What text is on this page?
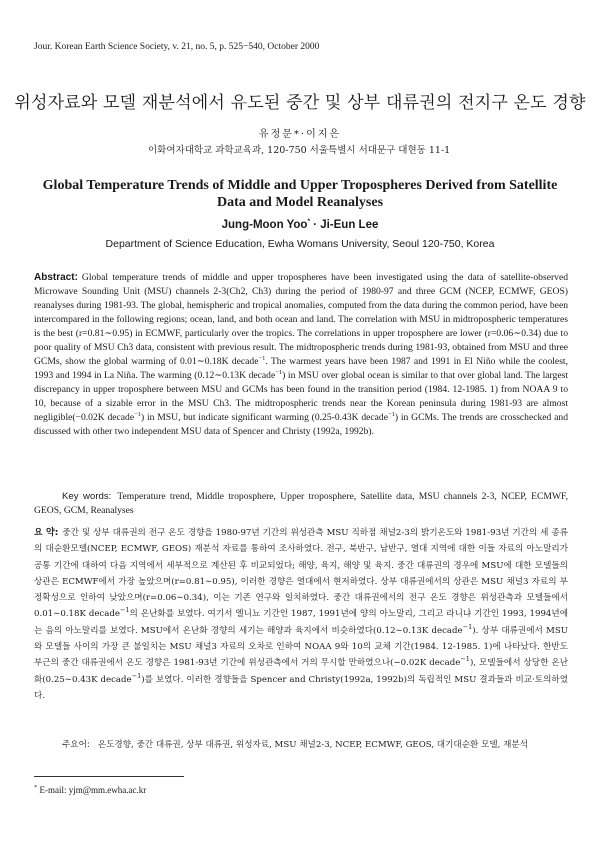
Jour. Korean Earth Science Society, v. 21, no. 5, p. 525−540, October 2000
위성자료와 모델 재분석에서 유도된 중간 및 상부 대류권의 전지구 온도 경향
유정문*·이지은
이화여자대학교 과학교육과, 120-750 서울특별시 서대문구 대현동 11-1
Global Temperature Trends of Middle and Upper Tropospheres Derived from Satellite Data and Model Reanalyses
Jung-Moon Yoo* · Ji-Eun Lee
Department of Science Education, Ewha Womans University, Seoul 120-750, Korea
Abstract: Global temperature trends of middle and upper tropospheres have been investigated using the data of satellite-observed Microwave Sounding Unit (MSU) channels 2-3(Ch2, Ch3) during the period of 1980-97 and three GCM (NCEP, ECMWF, GEOS) reanalyses during 1981-93. The global, hemispheric and tropical anomalies, computed from the data during the common period, have been intercompared in the following regions; ocean, land, and both ocean and land. The correlation with MSU in midtropospheric temperatures is the best (r=0.81∼0.95) in ECMWF, particularly over the tropics. The correlations in upper troposphere are lower (r=0.06∼0.34) due to poor quality of MSU Ch3 data, consistent with previous result. The midtropospheric trends during 1981-93, obtained from MSU and three GCMs, show the global warming of 0.01∼0.18K decade$^{-1}$. The warmest years have been 1987 and 1991 in El Niño while the coolest, 1993 and 1994 in La Niña. The warming (0.12∼0.13K decade$^{-1}$) in MSU over global ocean is similar to that over global land. The largest discrepancy in upper troposphere between MSU and GCMs has been found in the transition period (1984. 12-1985. 1) from NOAA 9 to 10, because of a sizable error in the MSU Ch3. The midtropospheric trends near the Korean peninsula during 1981-93 are almost negligible(−0.02K decade$^{-1}$) in MSU, but indicate significant warming (0.25-0.43K decade$^{-1}$) in GCMs. The trends are crosschecked and discussed with other two independent MSU data of Spencer and Christy (1992a, 1992b).
Key words: Temperature trend, Middle troposphere, Upper troposphere, Satellite data, MSU channels 2-3, NCEP, ECMWF, GEOS, GCM, Reanalyses
요 약: 중간 및 상부 대류권의 전구 온도 경향을 1980-97년 기간의 위성관측 MSU 직하점 채널2-3의 밝기온도와 1981-93년 기간의 세 종류의 대순환모델(NCEP, ECMWF, GEOS) 재분석 자료를 통하여 조사하였다. 전구, 북반구, 남반구, 열대 지역에 대한 이들 자료의 아노말리가 공통 기간에 대하여 다음 지역에서 세부적으로 계산된 후 비교되었다; 해양, 육지, 해양 및 육지. 중간 대류권의 경우에 MSU에 대한 모델들의 상관은 ECMWF에서 가장 높았으며(r=0.81∼0.95), 이러한 경향은 열대에서 현저하였다. 상부 대류권에서의 상관은 MSU 채널3 자료의 부정확성으로 인하여 낮았으며(r=0.06∼0.34), 이는 기존 연구와 일치하였다. 중간 대류권에서의 전구 온도 경향은 위성관측과 모델들에서 0.01∼0.18K decade$^{-1}$의 온난화를 보였다. 여기서 엘니뇨 기간인 1987, 1991년에 양의 아노말리, 그리고 라니냐 기간인 1993, 1994년에는 음의 아노말리를 보였다. MSU에서 온난화 경향의 세기는 해양과 육지에서 비슷하였다(0.12∼0.13K decade$^{-1}$). 상부 대류권에서 MSU와 모델들 사이의 가장 큰 불일치는 MSU 채널3 자료의 오차로 인하여 NOAA 9와 10의 교체 기간(1984. 12-1985. 1)에 나타났다. 한반도 부근의 중간 대류권에서 온도 경향은 1981-93년 기간에 위성관측에서 거의 무시할 만하였으나(−0.02K decade$^{-1}$), 모델들에서 상당한 온난화(0.25∼0.43K decade$^{-1}$)를 보였다. 이러한 경향들을 Spencer and Christy(1992a, 1992b)의 독립적인 MSU 결과들과 비교·토의하였다.
주요어: 온도경향, 중간 대류권, 상부 대류권, 위성자료, MSU 채널2-3, NCEP, ECMWF, GEOS, 대기대순환 모델, 재분석
* E-mail: yjm@mm.ewha.ac.kr
